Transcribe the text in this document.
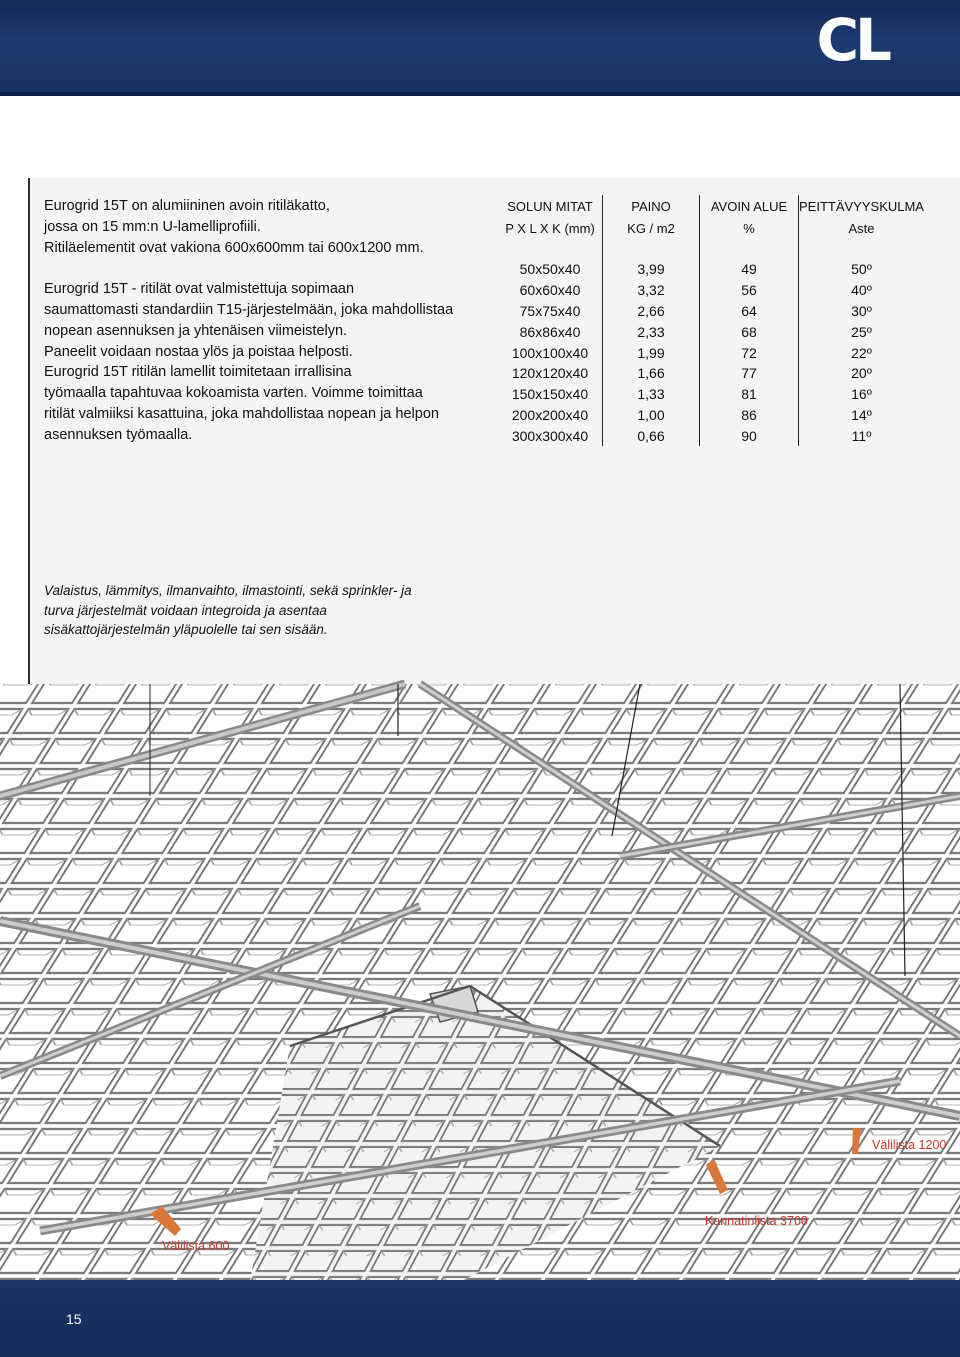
CL

Eurogrid 15T on alumiininen avoin ritiläkatto,

jossa on 15 mm:n U-lamelliprofiili.

Ritiläelementit ovat vakiona 600x600mm tai 600x1200 mm.

Eurogrid 15T - ritilät ovat valmistettuja sopimaan

saumattomasti standardiin T15-järjestelmään, joka mahdollistaa

nopean asennuksen ja yhtenäisen viimeistelyn.

Paneelit voidaan nostaa ylös ja poistaa helposti.

Eurogrid 15T ritilän lamellit toimitetaan irrallisina

työmaalla tapahtuvaa kokoamista varten. Voimme toimittaa

ritilät valmiiksi kasattuina, joka mahdollistaa nopean ja helpon

asennuksen työmaalla.

SOLUN MITAT	PAINO	AVOIN ALUE	PEITTÄVYYSKULMA
P X L X K (mm)	KG / m2	%	Aste

50x50x40	3,99	49	50º
60x60x40	3,32	56	40º
75x75x40	2,66	64	30º
86x86x40	2,33	68	25º
100x100x40	1,99	72	22º
120x120x40	1,66	77	20º
150x150x40	1,33	81	16º
200x200x40	1,00	86	14º
300x300x40	0,66	90	11º
Valaistus, lämmitys, ilmanvaihto, ilmastointi, sekä sprinkler- ja
turva järjestelmät voidaan integroida ja asentaa
sisäkattojärjestelmän yläpuolelle tai sen sisään.
Välilista 1200
Kannatinlista 3700
Välilista 600
15
